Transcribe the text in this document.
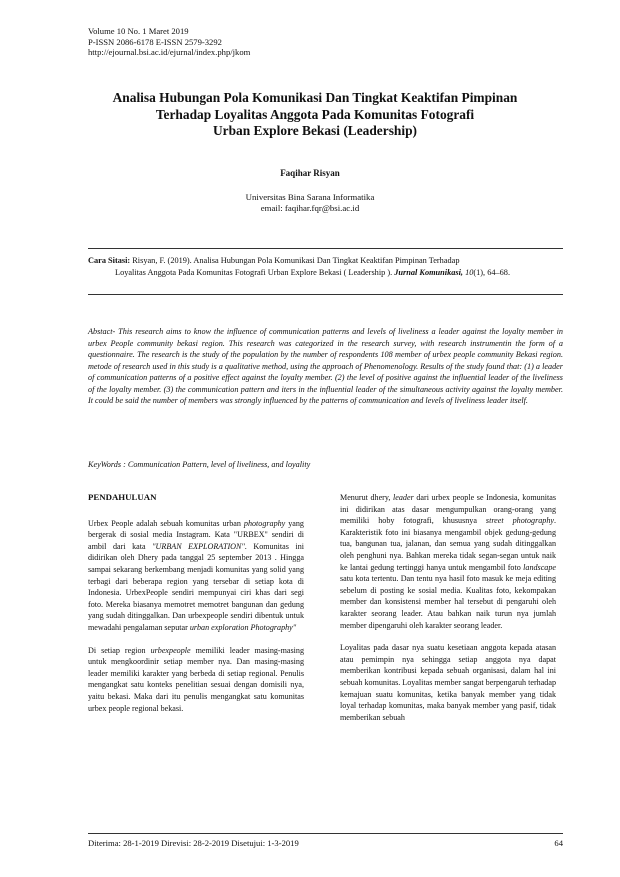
Volume 10 No. 1 Maret 2019
P-ISSN 2086-6178 E-ISSN 2579-3292
http://ejournal.bsi.ac.id/ejurnal/index.php/jkom
Analisa Hubungan Pola Komunikasi Dan Tingkat Keaktifan Pimpinan
Terhadap Loyalitas Anggota Pada Komunitas Fotografi
Urban Explore Bekasi (Leadership)
Faqihar Risyan
Universitas Bina Sarana Informatika
email: faqihar.fqr@bsi.ac.id
Cara Sitasi: Risyan, F. (2019). Analisa Hubungan Pola Komunikasi Dan Tingkat Keaktifan Pimpinan Terhadap
Loyalitas Anggota Pada Komunitas Fotografi Urban Explore Bekasi ( Leadership ). Jurnal Komunikasi, 10(1), 64–68.
Abstact- This research aims to know the influence of communication patterns and levels of liveliness a leader against the loyalty member in urbex People community bekasi region. This research was categorized in the research survey, with research instrumentin the form of a questionnaire. The research is the study of the population by the number of respondents 108 member of urbex people community Bekasi region. metode of research used in this study is a qualitative method, using the approach of Phenomenology. Results of the study found that: (1) a leader of communication patterns of a positive effect against the loyalty member. (2) the level of positive against the influential leader of the liveliness of the loyalty member. (3) the communication pattern and iters in the influential leader of the simultaneous activity against the loyalty member. It could be said the number of members was strongly influenced by the patterns of communication and levels of liveliness leader itself.
KeyWords : Communication Pattern, level of liveliness, and loyality
PENDAHULUAN

Urbex People adalah sebuah komunitas urban photography yang bergerak di sosial media Instagram. Kata "URBEX" sendiri di ambil dari kata "URBAN EXPLORATION". Komunitas ini didirikan oleh Dhery pada tanggal 25 september 2013 . Hingga sampai sekarang berkembang menjadi komunitas yang solid yang terbagi dari beberapa region yang tersebar di setiap kota di Indonesia. UrbexPeople sendiri mempunyai ciri khas dari segi foto. Mereka biasanya memotret memotret bangunan dan gedung yang sudah ditinggalkan. Dan urbexpeople sendiri dibentuk untuk mewadahi pengalaman seputar urban exploration Photography"

Di setiap region urbexpeople memiliki leader masing-masing untuk mengkoordinir setiap member nya. Dan masing-masing leader memiliki karakter yang berbeda di setiap regional. Penulis mengangkat satu konteks penelitian sesuai dengan domisili nya, yaitu bekasi. Maka dari itu penulis mengangkat satu komunitas urbex people regional bekasi.

Menurut dhery, leader dari urbex people se Indonesia, komunitas ini didirikan atas dasar mengumpulkan orang-orang yang memiliki hoby fotografi, khususnya street photography. Karakteristik foto ini biasanya mengambil objek gedung-gedung tua, bangunan tua, jalanan, dan semua yang sudah ditinggalkan oleh penghuni nya. Bahkan mereka tidak segan-segan untuk naik ke lantai gedung tertinggi hanya untuk mengambil foto landscape satu kota tertentu. Dan tentu nya hasil foto masuk ke meja editing sebelum di posting ke sosial media. Kualitas foto, kekompakan member dan konsistensi member hal tersebut di pengaruhi oleh karakter seorang leader. Atau bahkan naik turun nya jumlah member dipengaruhi oleh karakter seorang leader.

Loyalitas pada dasar nya suatu kesetiaan anggota kepada atasan atau pemimpin nya sehingga setiap anggota nya dapat memberikan kontribusi kepada sebuah organisasi, dalam hal ini sebuah komunitas. Loyalitas member sangat berpengaruh terhadap kemajuan suatu komunitas, ketika banyak member yang tidak loyal terhadap komunitas, maka banyak member yang pasif, tidak memberikan sebuah

Diterima: 28-1-2019 Direvisi: 28-2-2019 Disetujui: 1-3-2019	64
